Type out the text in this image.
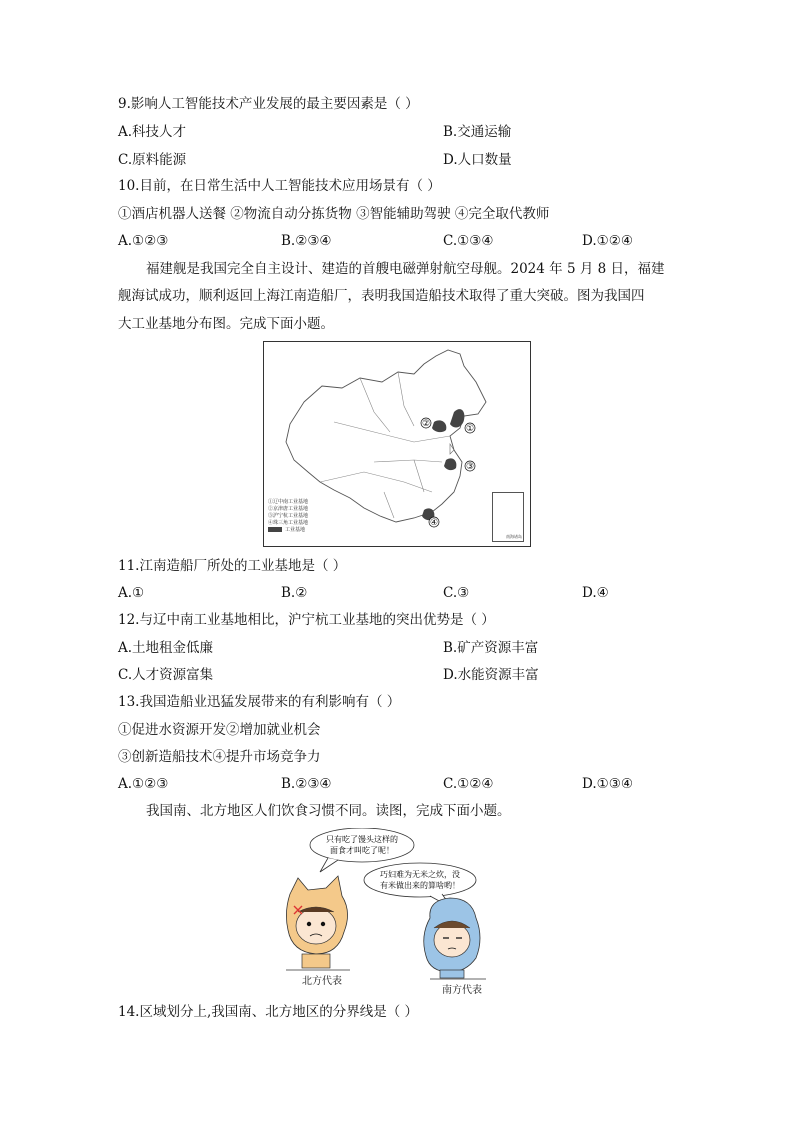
9.影响人工智能技术产业发展的最主要因素是（ ）
A.科技人才	B.交通运输
C.原料能源	D.人口数量
10.目前，在日常生活中人工智能技术应用场景有（ ）
①酒店机器人送餐 ②物流自动分拣货物 ③智能辅助驾驶 ④完全取代教师
A.①②③	B.②③④	C.①③④	D.①②④
福建舰是我国完全自主设计、建造的首艘电磁弹射航空母舰。2024 年 5 月 8 日，福建
舰海试成功，顺利返回上海江南造船厂，表明我国造船技术取得了重大突破。图为我国四
大工业基地分布图。完成下面小题。
①
②
③
④
①辽中南工业基地
②京津唐工业基地
③沪宁杭工业基地
④珠三角工业基地
工业基地
南海诸岛
11.江南造船厂所处的工业基地是（ ）
A.①	B.②	C.③	D.④
12.与辽中南工业基地相比，沪宁杭工业基地的突出优势是（ ）
A.土地租金低廉	B.矿产资源丰富
C.人才资源富集	D.水能资源丰富
13.我国造船业迅猛发展带来的有利影响有（ ）
①促进水资源开发②增加就业机会
③创新造船技术④提升市场竞争力
A.①②③	B.②③④	C.①②④	D.①③④
我国南、北方地区人们饮食习惯不同。读图，完成下面小题。
只有吃了馒头这样的
面食才叫吃了呢！
巧妇难为无米之炊，没
有米做出来的算啥哟！
北方代表
南方代表
14.区域划分上,我国南、北方地区的分界线是（ ）
